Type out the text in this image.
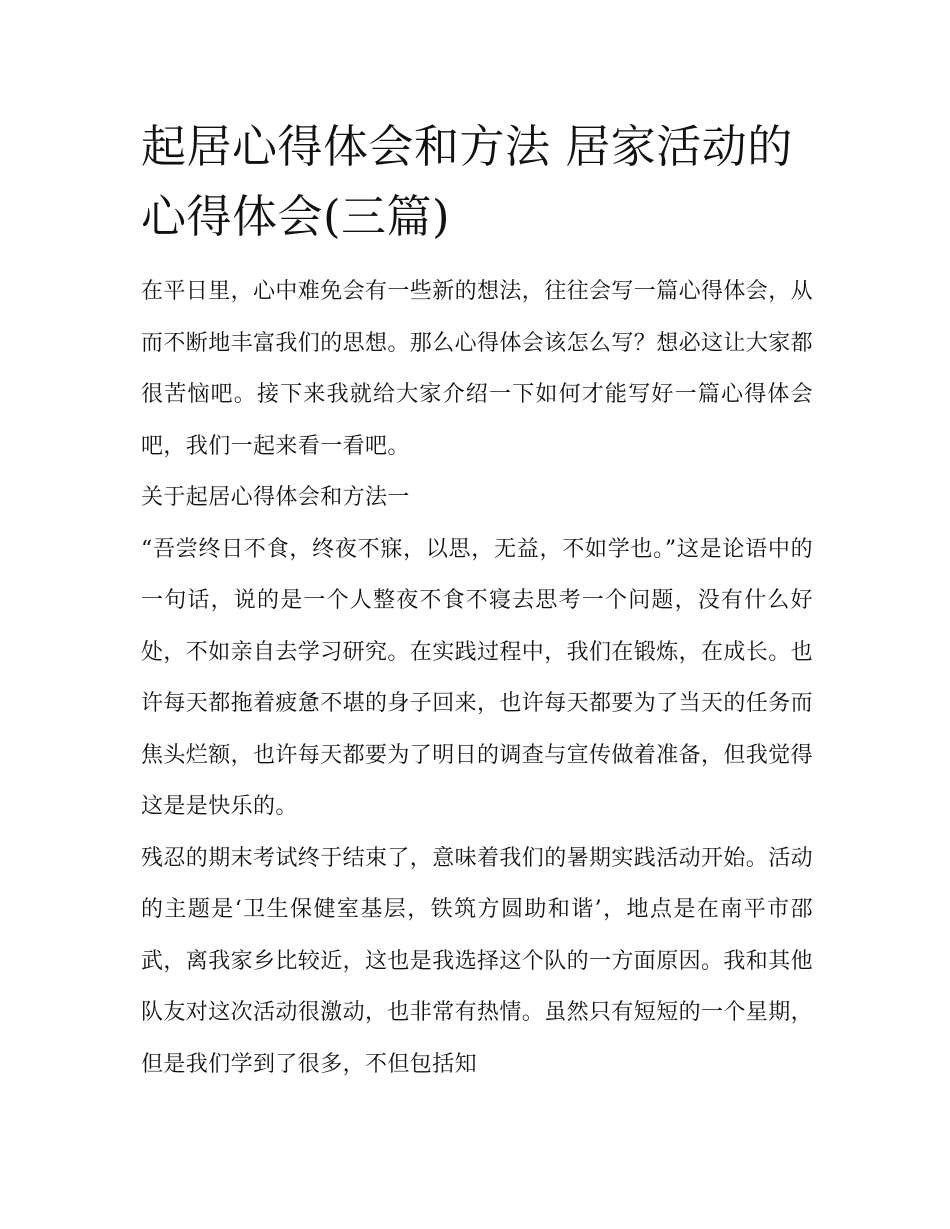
起居心得体会和方法 居家活动的心得体会(三篇)

在平日里，心中难免会有一些新的想法，往往会写一篇心得体会，从而不断地丰富我们的思想。那么心得体会该怎么写？想必这让大家都很苦恼吧。接下来我就给大家介绍一下如何才能写好一篇心得体会吧，我们一起来看一看吧。

关于起居心得体会和方法一

“吾尝终日不食，终夜不寐，以思，无益，不如学也。”这是论语中的一句话，说的是一个人整夜不食不寝去思考一个问题，没有什么好处，不如亲自去学习研究。在实践过程中，我们在锻炼，在成长。也许每天都拖着疲惫不堪的身子回来，也许每天都要为了当天的任务而焦头烂额，也许每天都要为了明日的调查与宣传做着准备，但我觉得这是是快乐的。

残忍的期末考试终于结束了，意味着我们的暑期实践活动开始。活动的主题是‘卫生保健室基层，铁筑方圆助和谐’，地点是在南平市邵武，离我家乡比较近，这也是我选择这个队的一方面原因。我和其他队友对这次活动很激动，也非常有热情。虽然只有短短的一个星期，但是我们学到了很多，不但包括知
